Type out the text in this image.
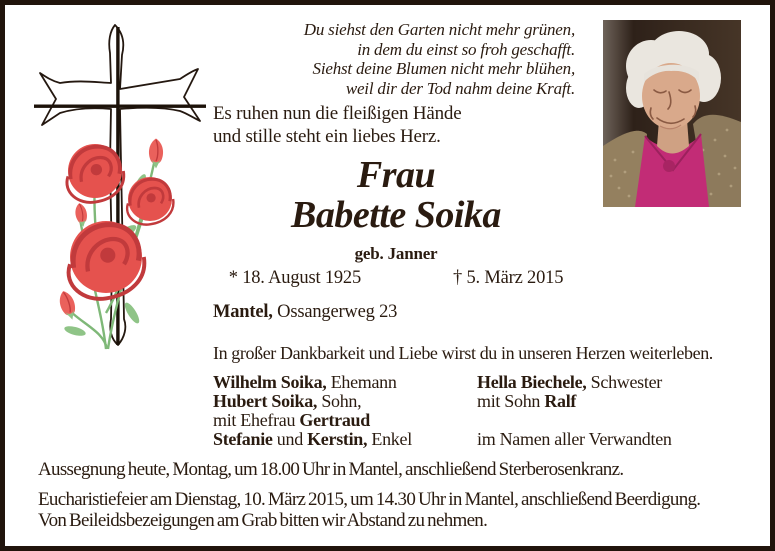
Du siehst den Garten nicht mehr grünen,
in dem du einst so froh geschafft.
Siehst deine Blumen nicht mehr blühen,
weil dir der Tod nahm deine Kraft.
Es ruhen nun die fleißigen Hände
und stille steht ein liebes Herz.
Frau
Babette Soika
geb. Janner
* 18. August 1925	† 5. März 2015
Mantel, Ossangerweg 23
In großer Dankbarkeit und Liebe wirst du in unseren Herzen weiterleben.
Wilhelm Soika, Ehemann
Hubert Soika, Sohn,
mit Ehefrau Gertraud
Stefanie und Kerstin, Enkel
Hella Biechele, Schwester
mit Sohn Ralf

im Namen aller Verwandten
Aussegnung heute, Montag, um 18.00 Uhr in Mantel, anschließend Sterberosenkranz.
Eucharistiefeier am Dienstag, 10. März 2015, um 14.30 Uhr in Mantel, anschließend Beerdigung.
Von Beileidsbezeigungen am Grab bitten wir Abstand zu nehmen.
